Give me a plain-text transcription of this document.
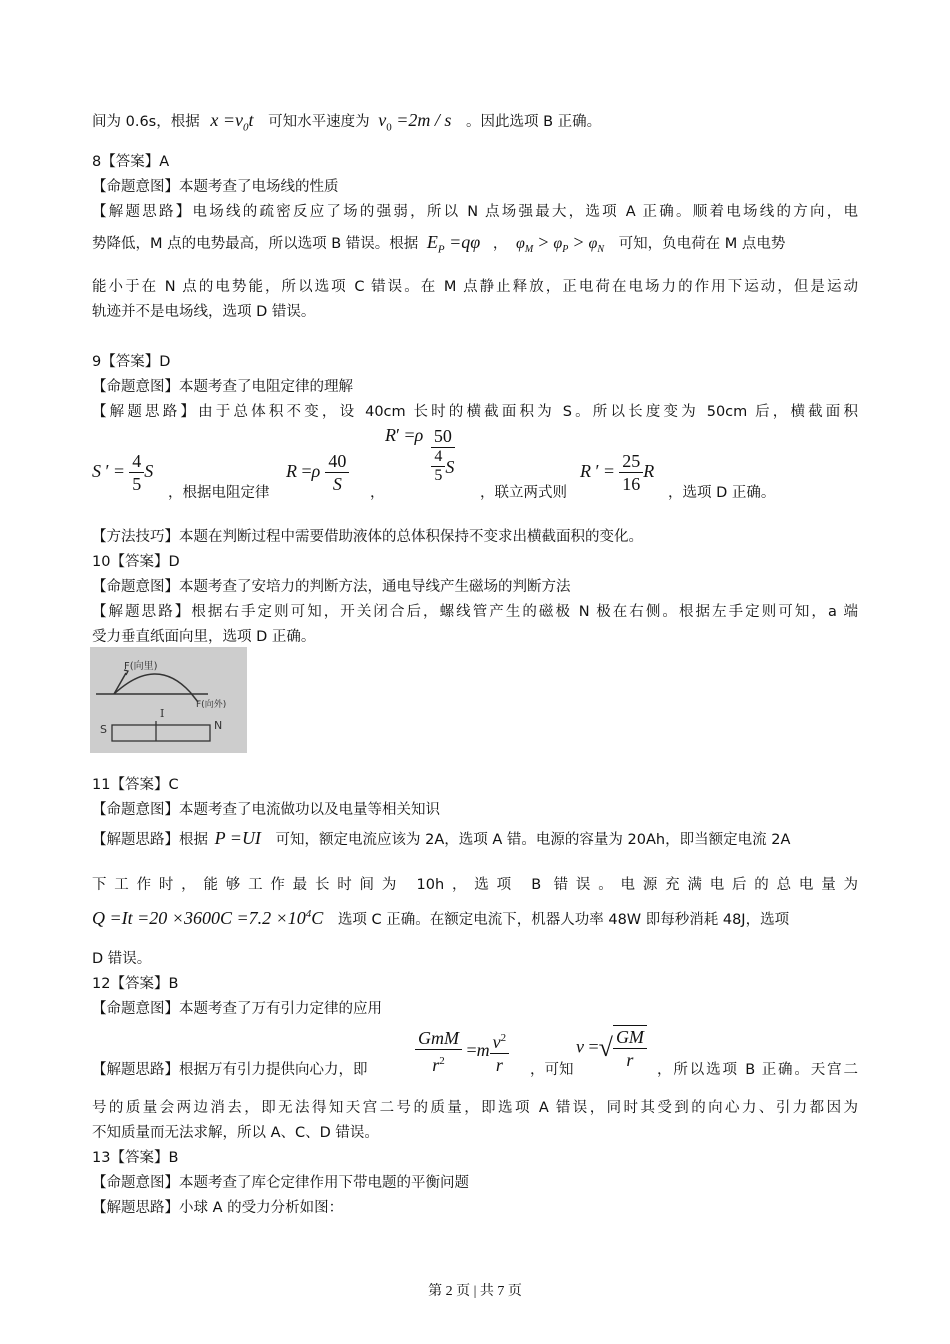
间为 0.6s，根据 $x =v_0t$ 可知水平速度为 $v_0 =2m / s$ 。因此选项 B 正确。
8【答案】A
【命题意图】本题考查了电场线的性质
【解题思路】电场线的疏密反应了场的强弱，所以 N 点场强最大，选项 A 正确。顺着电场线的方向，电
势降低，M 点的电势最高，所以选项 B 错误。根据 $E_P =q\varphi$ ， $\varphi_M > \varphi_P > \varphi_N$ 可知，负电荷在 M 点电势
能小于在 N 点的电势能，所以选项 C 错误。在 M 点静止释放，正电荷在电场力的作用下运动，但是运动
轨迹并不是电场线，选项 D 错误。
9【答案】D
【命题意图】本题考查了电阻定律的理解
【解题思路】由于总体积不变，设 40cm 长时的横截面积为 S。所以长度变为 50cm 后，横截面积
S ′ = $\frac{4}{5}$ S
，根据电阻定律
$R =\rho \frac{40}{S}$ ，
$R' =\rho \frac{50}{\frac{4}{5} S}$
，联立两式则
R ′ = $\frac{25}{16}$ R
，选项 D 正确。
【方法技巧】本题在判断过程中需要借助液体的总体积保持不变求出横截面积的变化。
10【答案】D
【命题意图】本题考查了安培力的判断方法，通电导线产生磁场的判断方法
【解题思路】根据右手定则可知，开关闭合后，螺线管产生的磁极 N 极在右侧。根据左手定则可知，a 端
受力垂直纸面向里，选项 D 正确。
F(向里)
F(向外)
I
S	N
11【答案】C
【命题意图】本题考查了电流做功以及电量等相关知识
【解题思路】根据 P =UI 可知，额定电流应该为 2A，选项 A 错。电源的容量为 20Ah，即当额定电流 2A
下工作时，能够工作最长时间为 10h，选项 B 错误。电源充满电后的总电量为
$Q =It =20 \times 3600C =7.2 \times 10^4C$ 选项 C 正确。在额定电流下，机器人功率 48W 即每秒消耗 48J，选项
D 错误。
12【答案】B
【命题意图】本题考查了万有引力定律的应用
【解题思路】根据万有引力提供向心力，即	$\frac{\text{GmM}}{r^2} =m \frac{v^2}{r}$ ，可知
v =√ $\frac{GM}{r}$ ，所以选项 B 正确。天宫二
号的质量会两边消去，即无法得知天宫二号的质量，即选项 A 错误，同时其受到的向心力、引力都因为
不知质量而无法求解，所以 A、C、D 错误。
13【答案】B
【命题意图】本题考查了库仑定律作用下带电题的平衡问题
【解题思路】小球 A 的受力分析如图：
第 2 页 | 共 7 页
